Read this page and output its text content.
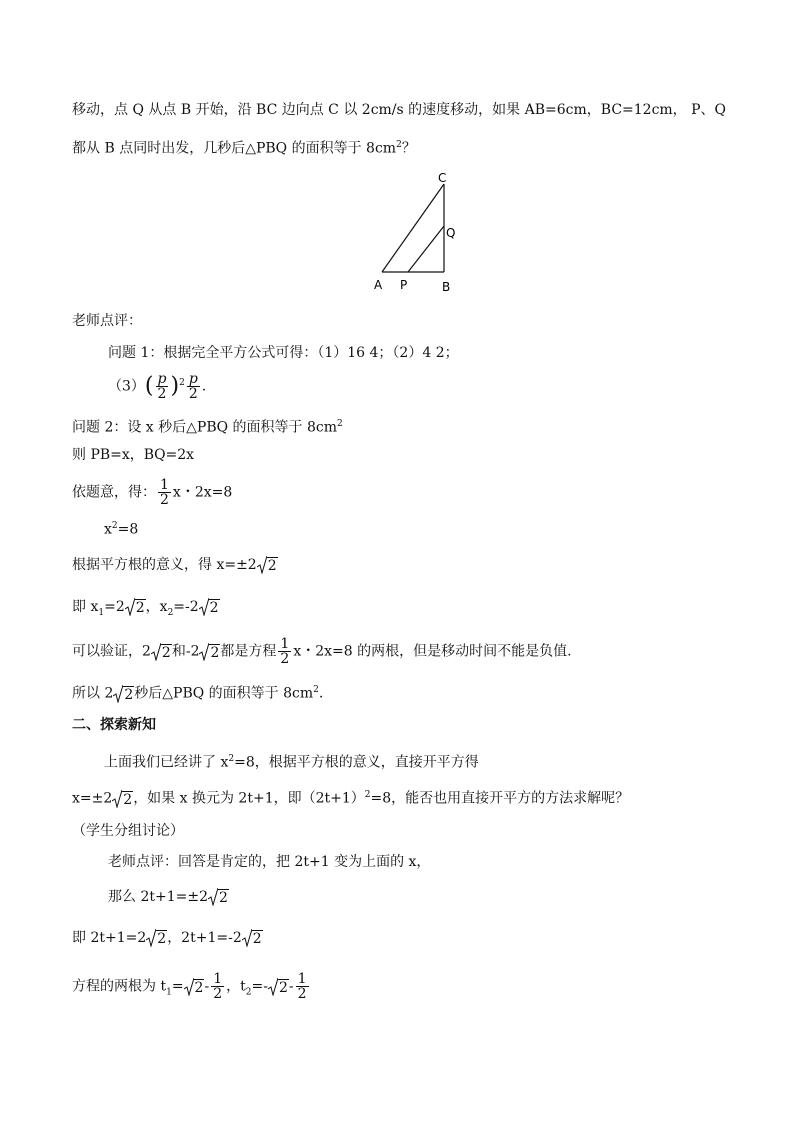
移动，点 Q 从点 B 开始，沿 BC 边向点 C 以 2cm/s 的速度移动，如果 AB=6cm，BC=12cm， P、Q
都从 B 点同时出发，几秒后△PBQ 的面积等于 $8cm^2$？
A P	B
Q
C
老师点评：
问题 1：根据完全平方公式可得：（1）16 4；（2）4 2；
$(3)( \frac{p}{2} )^2 \frac{p}{2}$ .
问题 2：设 x 秒后△PBQ 的面积等于 $8cm^2$
则 PB=x，BQ=2x
依题意，得： $\frac{1}{2}$ x・2x=8
$x^2=8$
根据平方根的意义，得 x=±2 2
即 $x_1=2$ 2 ，$x_2=-2$ 2
可以验证，2 2 和-2 2 都是方程 $\frac{1}{2}$ x・2x=8 的两根，但是移动时间不能是负值.
所以 2 2 秒后△PBQ 的面积等于 $8cm^2$.
二、探索新知
上面我们已经讲了 $x^2=8$，根据平方根的意义，直接开平方得
x=±2 2 ，如果 x 换元为 2t+1，即$(2t+1)^2=8$，能否也用直接开平方的方法求解呢？
（学生分组讨论）
老师点评：回答是肯定的，把 2t+1 变为上面的 x，
那么 2t+1=±2 2
即 2t+1=2 2 ，2t+1=-2 2
方程的两根为 $t_1= 2 - \frac{1}{2}$ ，$t_2=-$ $2 - \frac{1}{2}$
